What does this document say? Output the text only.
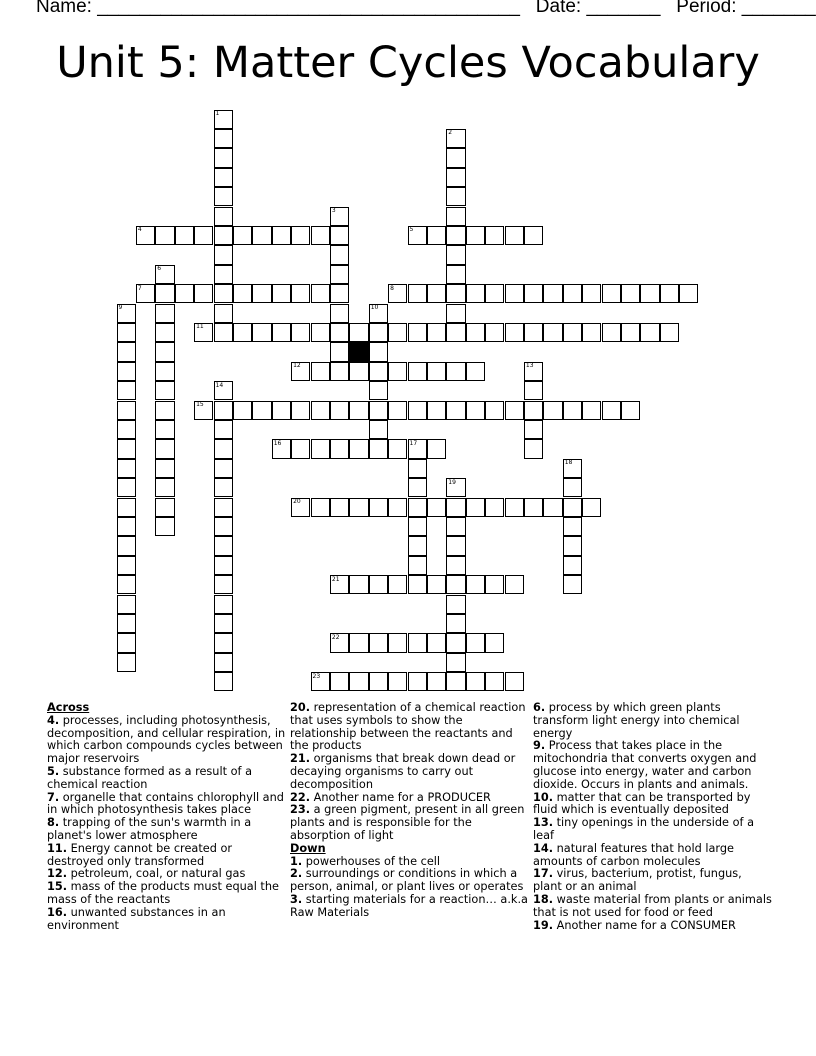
Name: ________________________________________ Date: _______ Period: _______
Unit 5: Matter Cycles Vocabulary
1
2
3
4	5
6
7	8
9	10
11
12	13
14
15
16	17
18
19
20
21
22
23
Across
4. processes, including photosynthesis, decomposition, and cellular respiration, in which carbon compounds cycles between major reservoirs
5. substance formed as a result of a chemical reaction
7. organelle that contains chlorophyll and in which photosynthesis takes place
8. trapping of the sun's warmth in a planet's lower atmosphere
11. Energy cannot be created or destroyed only transformed
12. petroleum, coal, or natural gas
15. mass of the products must equal the mass of the reactants
16. unwanted substances in an environment
20. representation of a chemical reaction that uses symbols to show the relationship between the reactants and the products
21. organisms that break down dead or decaying organisms to carry out decomposition
22. Another name for a PRODUCER
23. a green pigment, present in all green plants and is responsible for the absorption of light
Down
1. powerhouses of the cell
2. surroundings or conditions in which a person, animal, or plant lives or operates
3. starting materials for a reaction… a.k.a Raw Materials
6. process by which green plants transform light energy into chemical energy
9. Process that takes place in the mitochondria that converts oxygen and glucose into energy, water and carbon dioxide. Occurs in plants and animals.
10. matter that can be transported by fluid which is eventually deposited
13. tiny openings in the underside of a leaf
14. natural features that hold large amounts of carbon molecules
17. virus, bacterium, protist, fungus, plant or an animal
18. waste material from plants or animals that is not used for food or feed
19. Another name for a CONSUMER
